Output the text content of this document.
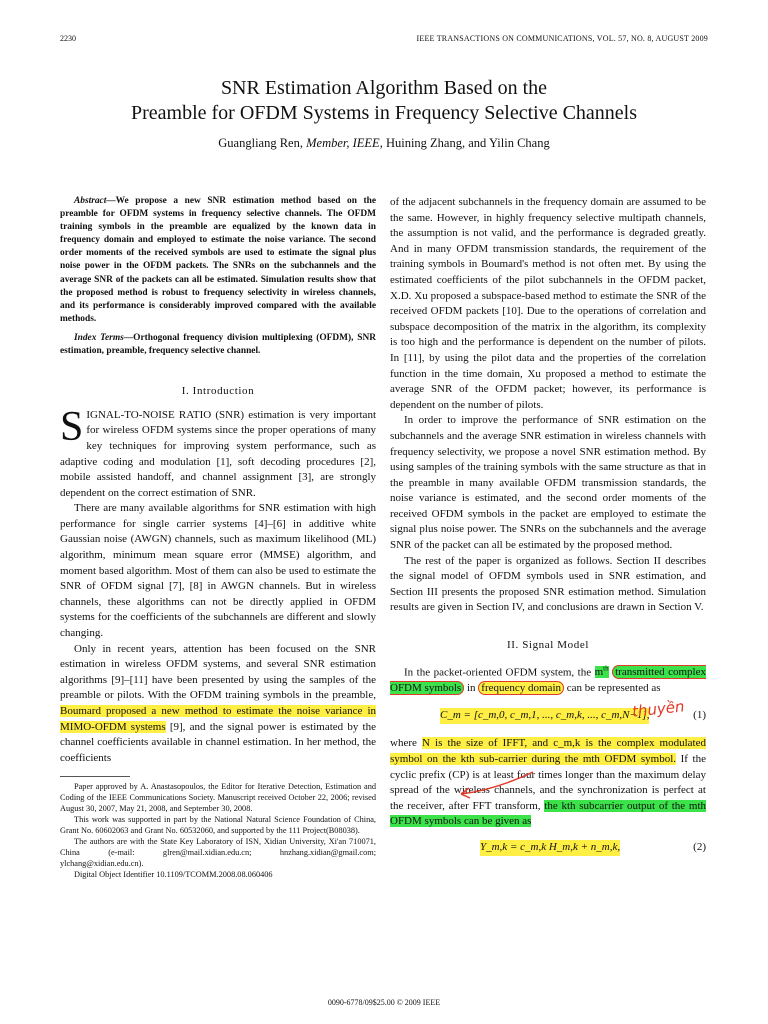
2230	IEEE TRANSACTIONS ON COMMUNICATIONS, VOL. 57, NO. 8, AUGUST 2009
SNR Estimation Algorithm Based on the
Preamble for OFDM Systems in Frequency Selective Channels
Guangliang Ren, Member, IEEE, Huining Zhang, and Yilin Chang

Abstract—We propose a new SNR estimation method based on the preamble for OFDM systems in frequency selective channels. The OFDM training symbols in the preamble are equalized by the known data in frequency domain and employed to estimate the noise variance. The second order moments of the received symbols are used to estimate the signal plus noise power in the OFDM packets. The SNRs on the subchannels and the average SNR of the packets can all be estimated. Simulation results show that the proposed method is robust to frequency selectivity in wireless channels, and its performance is considerably improved compared with the available methods.

Index Terms—Orthogonal frequency division multiplexing (OFDM), SNR estimation, preamble, frequency selective channel.

I. Introduction

SIGNAL-TO-NOISE RATIO (SNR) estimation is very important for wireless OFDM systems since the proper operations of many key techniques for improving system performance, such as adaptive coding and modulation [1], soft decoding procedures [2], mobile assisted handoff, and channel assignment [3], are strongly dependent on the correct estimation of SNR.

There are many available algorithms for SNR estimation with high performance for single carrier systems [4]–[6] in additive white Gaussian noise (AWGN) channels, such as maximum likelihood (ML) algorithm, minimum mean square error (MMSE) algorithm, and moment based algorithm. Most of them can also be used to estimate the SNR of OFDM signal [7], [8] in AWGN channels. But in wireless channels, these algorithms can not be directly applied in OFDM systems for the coefficients of the subchannels are different and slowly changing.

Only in recent years, attention has been focused on the SNR estimation in wireless OFDM systems, and several SNR estimation algorithms [9]–[11] have been presented by using the samples of the preamble or pilots. With the OFDM training symbols in the preamble, Boumard proposed a new method to estimate the noise variance in MIMO-OFDM systems [9], and the signal power is estimated by the channel coefficients available in channel estimation. In her method, the coefficients

Paper approved by A. Anastasopoulos, the Editor for Iterative Detection, Estimation and Coding of the IEEE Communications Society. Manuscript received October 22, 2006; revised August 30, 2007, May 21, 2008, and September 30, 2008.

This work was supported in part by the National Natural Science Foundation of China, Grant No. 60602063 and Grant No. 60532060, and supported by the 111 Project(B08038).

The authors are with the State Key Laboratory of ISN, Xidian University, Xi'an 710071, China (e-mail: glren@mail.xidian.edu.cn; hnzhang.xidian@gmail.com; ylchang@xidian.edu.cn).

Digital Object Identifier 10.1109/TCOMM.2008.08.060406

of the adjacent subchannels in the frequency domain are assumed to be the same. However, in highly frequency selective multipath channels, the assumption is not valid, and the performance is degraded greatly. And in many OFDM transmission standards, the requirement of the training symbols in Boumard's method is not often met. By using the estimated coefficients of the pilot subchannels in the OFDM packet, X.D. Xu proposed a subspace-based method to estimate the SNR of the received OFDM packets [10]. Due to the operations of correlation and subspace decomposition of the matrix in the algorithm, its complexity is too high and the performance is dependent on the number of pilots. In [11], by using the pilot data and the properties of the correlation function in the time domain, Xu proposed a method to estimate the average SNR of the OFDM packet; however, its performance is dependent on the number of pilots.

In order to improve the performance of SNR estimation on the subchannels and the average SNR estimation in wireless channels with frequency selectivity, we propose a novel SNR estimation method. By using samples of the training symbols with the same structure as that in the preamble in many available OFDM transmission standards, the noise variance is estimated, and the second order moments of the received OFDM symbols in the packet are employed to estimate the signal plus noise power. The SNRs on the subchannels and the average SNR of the packet can all be estimated by the proposed method.

The rest of the paper is organized as follows. Section II describes the signal model of OFDM symbols used in SNR estimation, and Section III presents the proposed SNR estimation method. Simulation results are given in Section IV, and conclusions are drawn in Section V.

II. Signal Model

In the packet-oriented OFDM system, the $m^{th}$ transmitted complex OFDM symbols in frequency domain can be represented as

C_m = [c_m,0, c_m,1, ..., c_m,k, ..., c_m,N−1],	(1)

where N is the size of IFFT, and c_m,k is the complex modulated symbol on the kth sub-carrier during the mth OFDM symbol. If the cyclic prefix (CP) is at least four times longer than the maximum delay spread of the wireless channels, and the synchronization is perfect at the receiver, after FFT transform, the kth subcarrier output of the mth OFDM symbols can be given as

Y_m,k = c_m,k H_m,k + n_m,k,	(2)
thuyền
0090-6778/09$25.00 © 2009 IEEE
